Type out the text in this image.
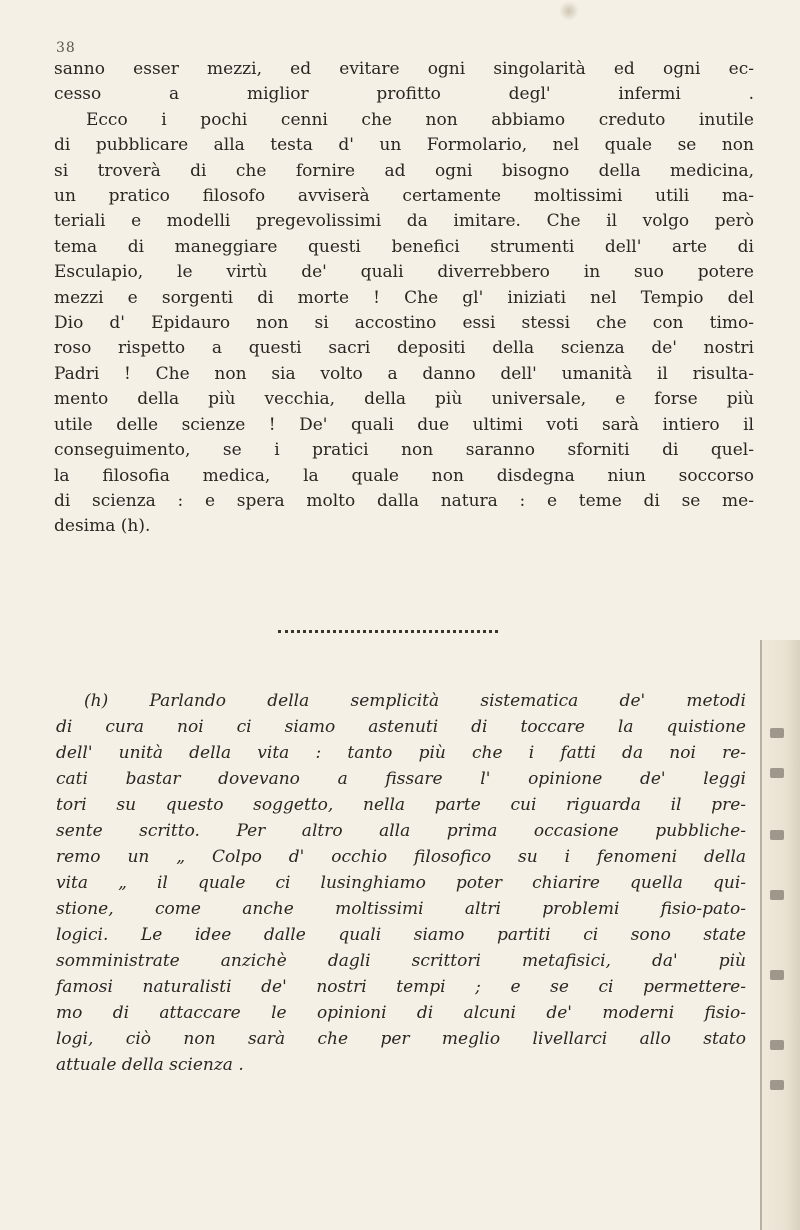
38
sanno esser mezzi, ed evitare ogni singolarità ed ogni ec-
cesso a miglior profitto degl' infermi .
Ecco i pochi cenni che non abbiamo creduto inutile
di pubblicare alla testa d' un Formolario, nel quale se non
si troverà di che fornire ad ogni bisogno della medicina,
un pratico filosofo avviserà certamente moltissimi utili ma-
teriali e modelli pregevolissimi da imitare. Che il volgo però
tema di maneggiare questi benefici strumenti dell' arte di
Esculapio, le virtù de' quali diverrebbero in suo potere
mezzi e sorgenti di morte ! Che gl' iniziati nel Tempio del
Dio d' Epidauro non si accostino essi stessi che con timo-
roso rispetto a questi sacri depositi della scienza de' nostri
Padri ! Che non sia volto a danno dell' umanità il risulta-
mento della più vecchia, della più universale, e forse più
utile delle scienze ! De' quali due ultimi voti sarà intiero il
conseguimento, se i pratici non saranno sforniti di quel-
la filosofia medica, la quale non disdegna niun soccorso
di scienza : e spera molto dalla natura : e teme di se me-
desima (h).
(h) Parlando della semplicità sistematica de' metodi
di cura noi ci siamo astenuti di toccare la quistione
dell' unità della vita : tanto più che i fatti da noi re-
cati bastar dovevano a fissare l' opinione de' leggi
tori su questo soggetto, nella parte cui riguarda il pre-
sente scritto. Per altro alla prima occasione pubbliche-
remo un „ Colpo d' occhio filosofico su i fenomeni della
vita „ il quale ci lusinghiamo poter chiarire quella qui-
stione, come anche moltissimi altri problemi fisio-pato-
logici. Le idee dalle quali siamo partiti ci sono state
somministrate anzichè dagli scrittori metafisici, da' più
famosi naturalisti de' nostri tempi ; e se ci permettere-
mo di attaccare le opinioni di alcuni de' moderni fisio-
logi, ciò non sarà che per meglio livellarci allo stato
attuale della scienza .
